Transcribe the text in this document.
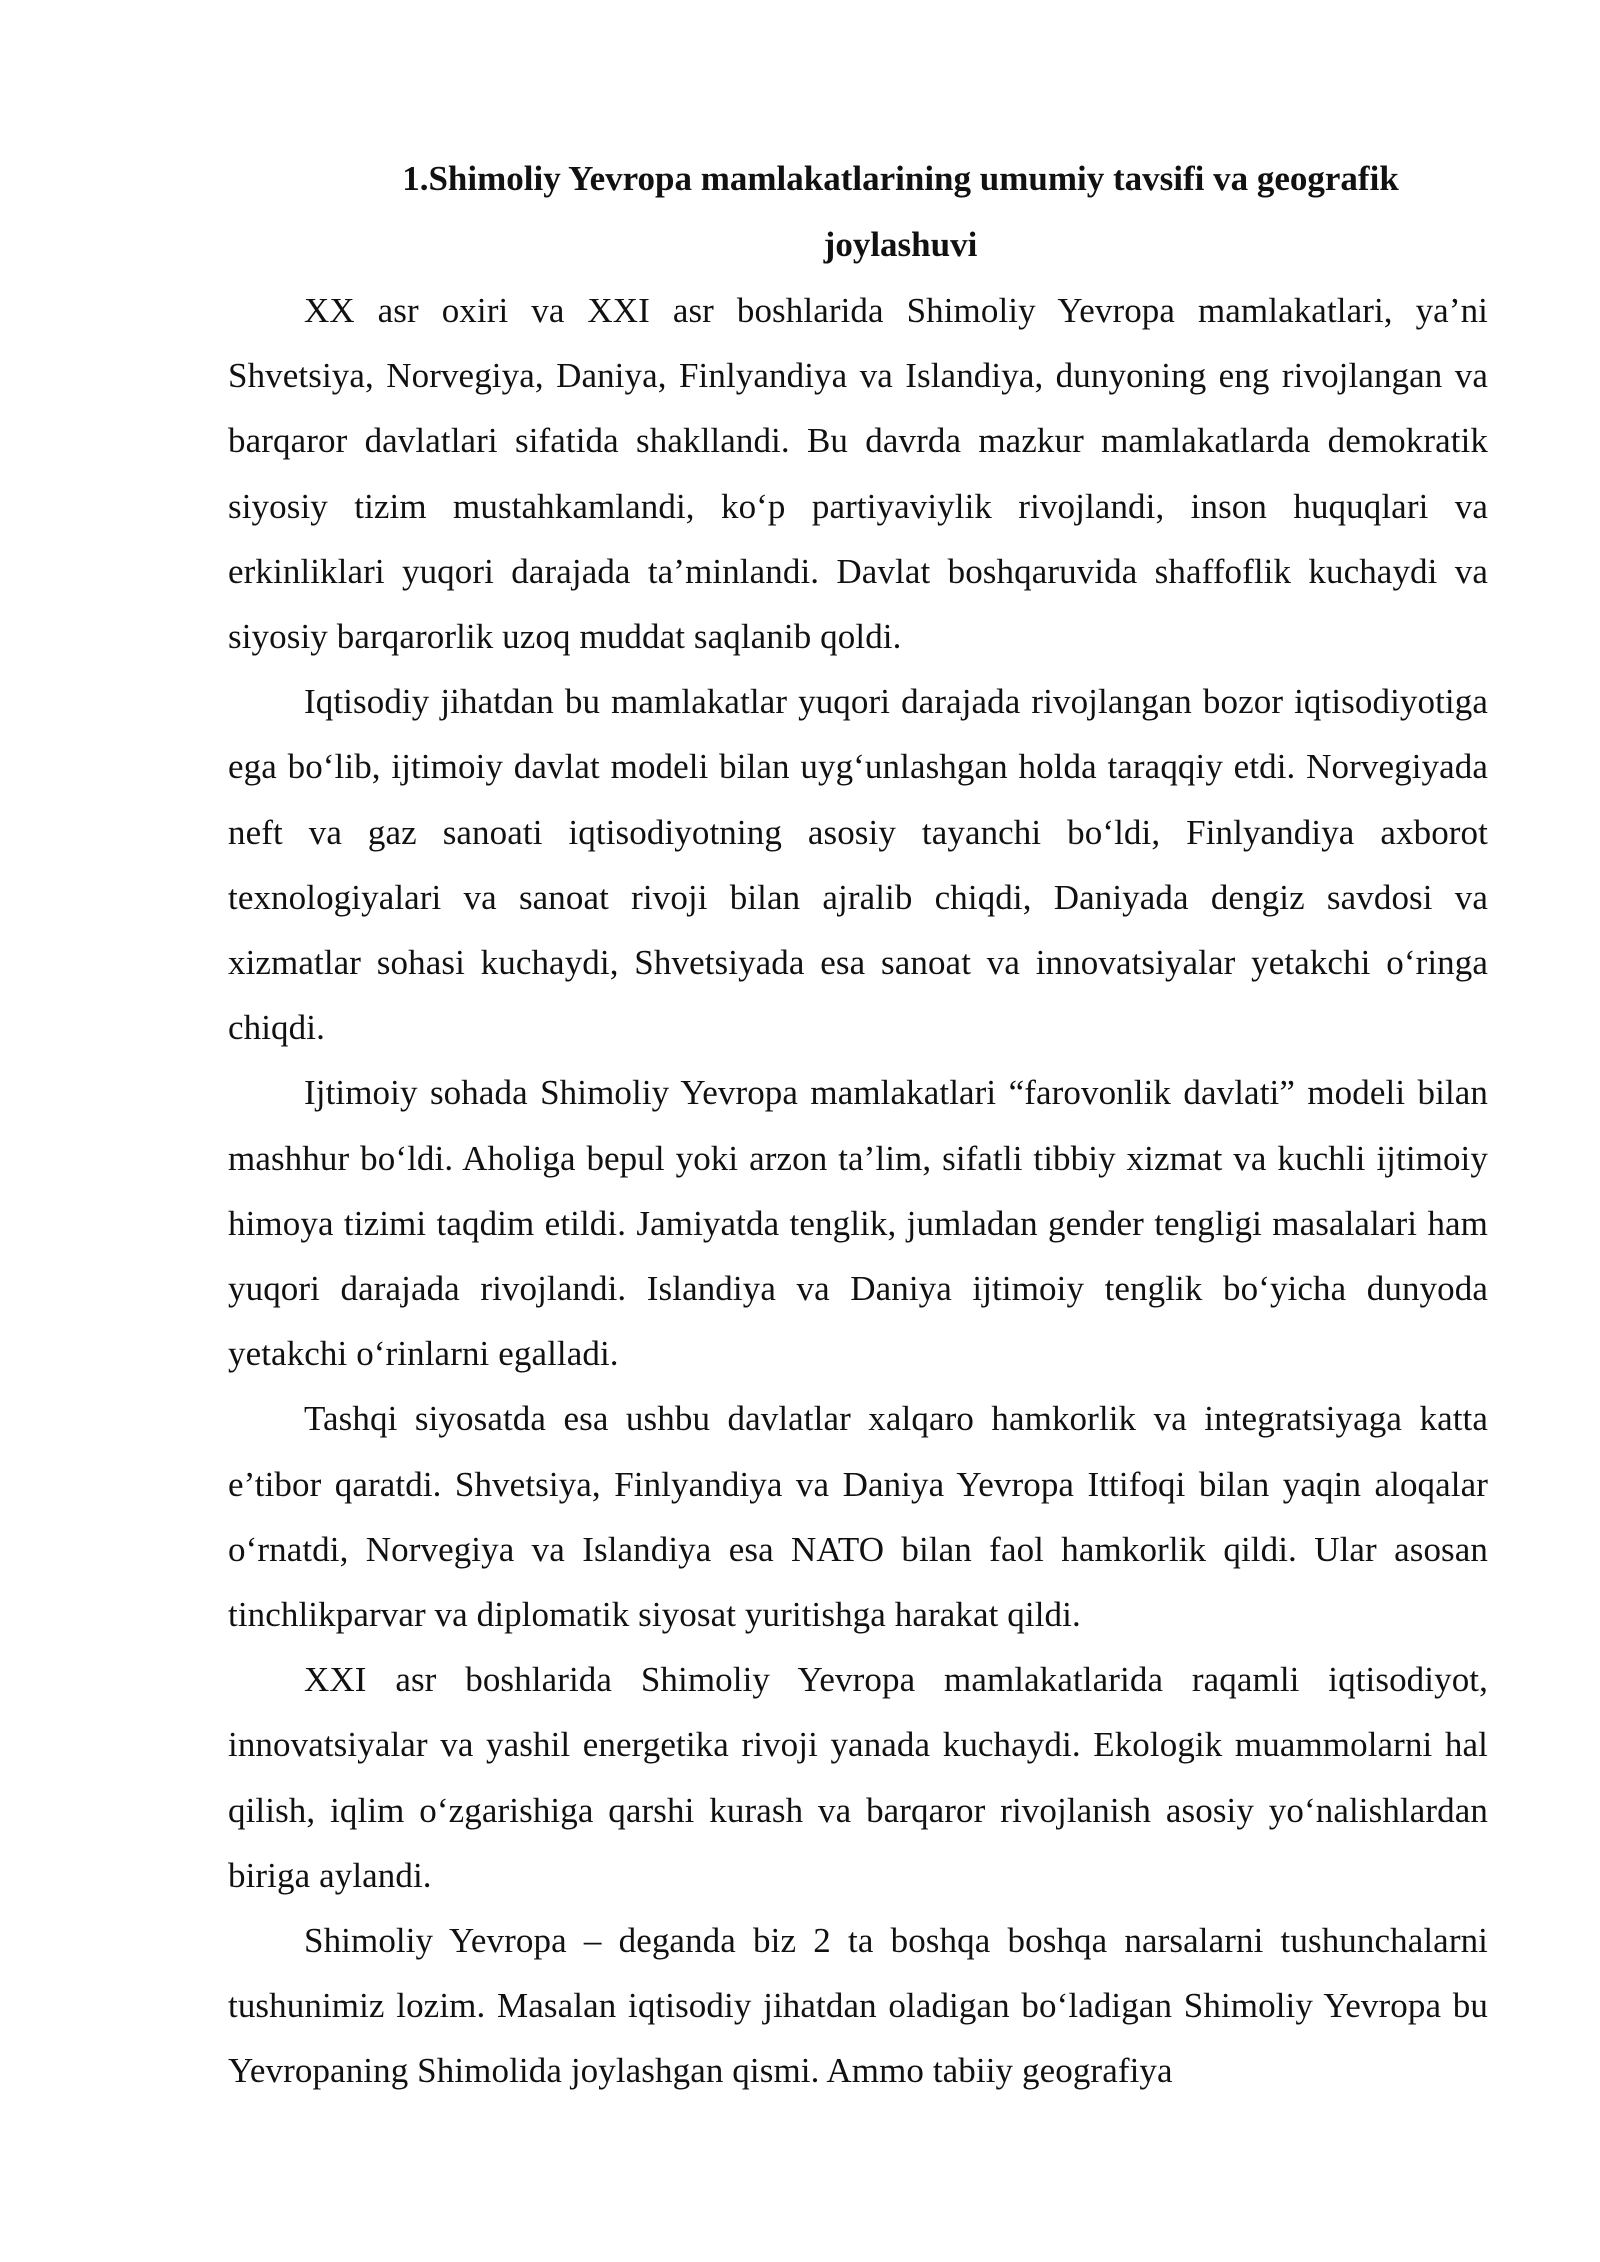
1.Shimoliy Yevropa mamlakatlarining umumiy tavsifi va geografik
joylashuvi

XX asr oxiri va XXI asr boshlarida Shimoliy Yevropa mamlakatlari, ya’ni Shvetsiya, Norvegiya, Daniya, Finlyandiya va Islandiya, dunyoning eng rivojlangan va barqaror davlatlari sifatida shakllandi. Bu davrda mazkur mamlakatlarda demokratik siyosiy tizim mustahkamlandi, ko‘p partiyaviylik rivojlandi, inson huquqlari va erkinliklari yuqori darajada ta’minlandi. Davlat boshqaruvida shaffoflik kuchaydi va siyosiy barqarorlik uzoq muddat saqlanib qoldi.

Iqtisodiy jihatdan bu mamlakatlar yuqori darajada rivojlangan bozor iqtisodiyotiga ega bo‘lib, ijtimoiy davlat modeli bilan uyg‘unlashgan holda taraqqiy etdi. Norvegiyada neft va gaz sanoati iqtisodiyotning asosiy tayanchi bo‘ldi, Finlyandiya axborot texnologiyalari va sanoat rivoji bilan ajralib chiqdi, Daniyada dengiz savdosi va xizmatlar sohasi kuchaydi, Shvetsiyada esa sanoat va innovatsiyalar yetakchi o‘ringa chiqdi.

Ijtimoiy sohada Shimoliy Yevropa mamlakatlari “farovonlik davlati” modeli bilan mashhur bo‘ldi. Aholiga bepul yoki arzon ta’lim, sifatli tibbiy xizmat va kuchli ijtimoiy himoya tizimi taqdim etildi. Jamiyatda tenglik, jumladan gender tengligi masalalari ham yuqori darajada rivojlandi. Islandiya va Daniya ijtimoiy tenglik bo‘yicha dunyoda yetakchi o‘rinlarni egalladi.

Tashqi siyosatda esa ushbu davlatlar xalqaro hamkorlik va integratsiyaga katta e’tibor qaratdi. Shvetsiya, Finlyandiya va Daniya Yevropa Ittifoqi bilan yaqin aloqalar o‘rnatdi, Norvegiya va Islandiya esa NATO bilan faol hamkorlik qildi. Ular asosan tinchlikparvar va diplomatik siyosat yuritishga harakat qildi.

XXI asr boshlarida Shimoliy Yevropa mamlakatlarida raqamli iqtisodiyot, innovatsiyalar va yashil energetika rivoji yanada kuchaydi. Ekologik muammolarni hal qilish, iqlim o‘zgarishiga qarshi kurash va barqaror rivojlanish asosiy yo‘nalishlardan biriga aylandi.

Shimoliy Yevropa – deganda biz 2 ta boshqa boshqa narsalarni tushunchalarni tushunimiz lozim. Masalan iqtisodiy jihatdan oladigan bo‘ladigan Shimoliy Yevropa bu Yevropaning Shimolida joylashgan qismi. Ammo tabiiy geografiya
